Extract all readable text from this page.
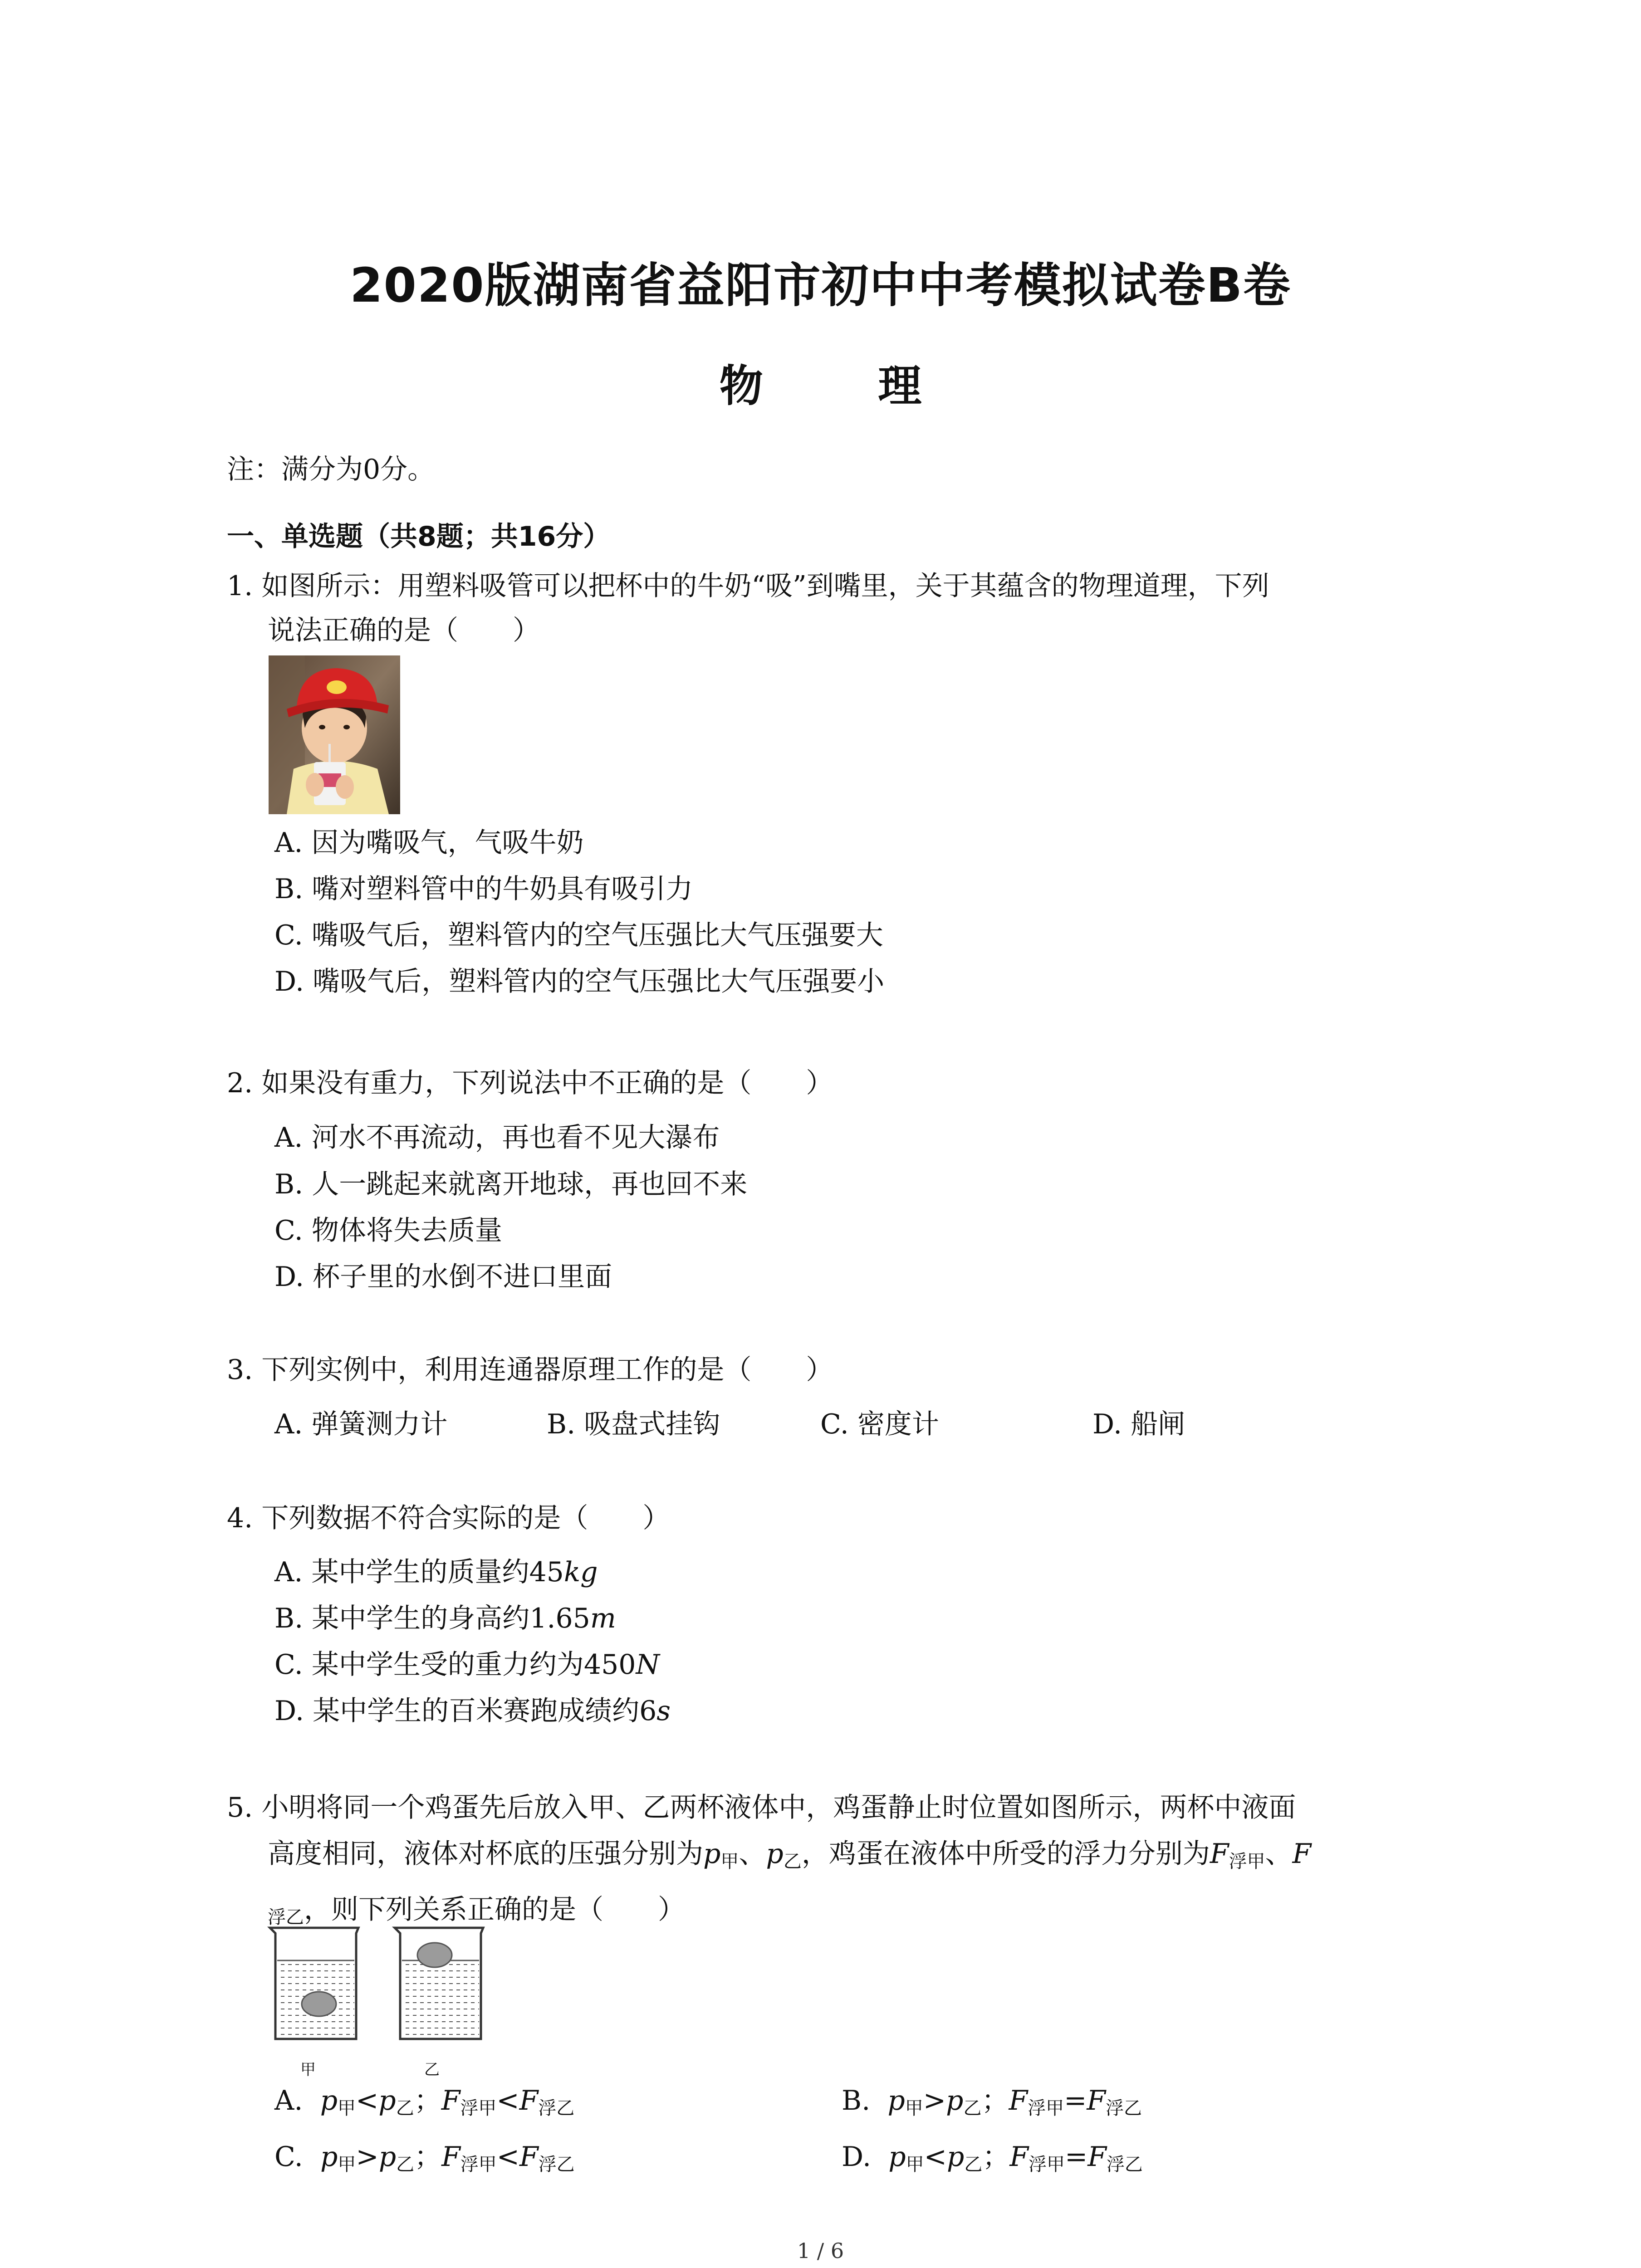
2020版湖南省益阳市初中中考模拟试卷B卷
物 理
注：满分为0分。
一、单选题（共8题；共16分）
1. 如图所示：用塑料吸管可以把杯中的牛奶“吸”到嘴里，关于其蕴含的物理道理，下列
说法正确的是（　　）
A. 因为嘴吸气，气吸牛奶
B. 嘴对塑料管中的牛奶具有吸引力
C. 嘴吸气后，塑料管内的空气压强比大气压强要大
D. 嘴吸气后，塑料管内的空气压强比大气压强要小
2. 如果没有重力，下列说法中不正确的是（　　）
A. 河水不再流动，再也看不见大瀑布
B. 人一跳起来就离开地球，再也回不来
C. 物体将失去质量
D. 杯子里的水倒不进口里面
3. 下列实例中，利用连通器原理工作的是（　　）
A. 弹簧测力计	B. 吸盘式挂钩	C. 密度计	D. 船闸
4. 下列数据不符合实际的是（　　）
A. 某中学生的质量约45kg
B. 某中学生的身高约1.65m
C. 某中学生受的重力约为450N
D. 某中学生的百米赛跑成绩约6s
5. 小明将同一个鸡蛋先后放入甲、乙两杯液体中，鸡蛋静止时位置如图所示，两杯中液面
高度相同，液体对杯底的压强分别为$p_甲$、$p_乙$，鸡蛋在液体中所受的浮力分别为$F_{浮甲}$、F
$_{浮乙}$，则下列关系正确的是（　　）
甲	乙
A. $p_甲<p_乙$；$F_{浮甲}<F_{浮乙}$	B. $p_甲>p_乙$；$F_{浮甲}=F_{浮乙}$
C. $p_甲>p_乙$；$F_{浮甲}<F_{浮乙}$	D. $p_甲<p_乙$；$F_{浮甲}=F_{浮乙}$
1 / 6
